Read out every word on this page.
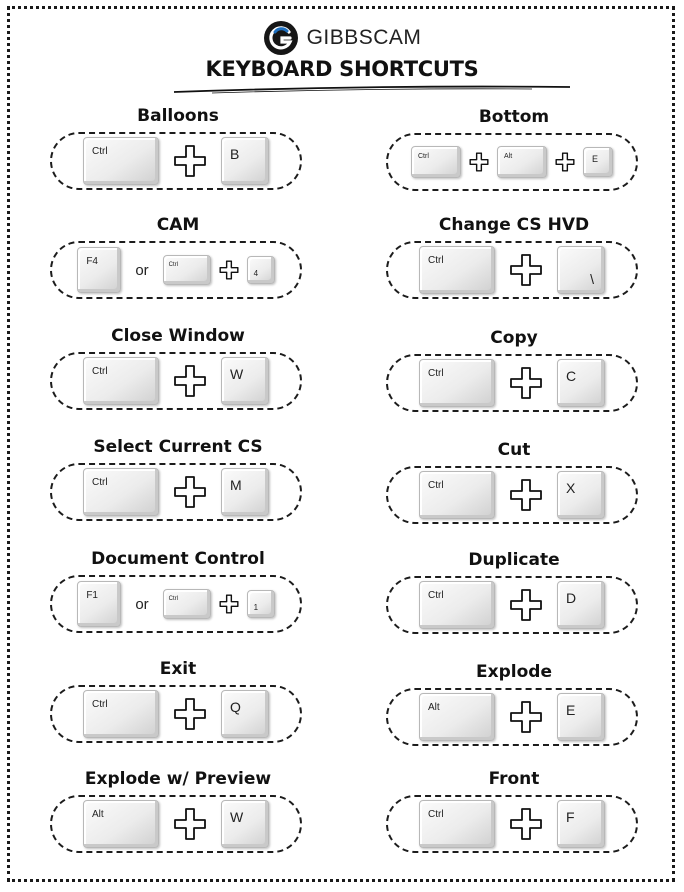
GIBBSCAM
KEYBOARD SHORTCUTS
Balloons
Ctrl	B
Bottom
Ctrl	Alt	E
CAM
F4 or	Ctrl
4
Change CS HVD
Ctrl
\
Close Window
Ctrl	W
Copy
Ctrl	C
Select Current CS
Ctrl	M
Cut
Ctrl	X
Document Control
F1 or	Ctrl
1
Duplicate
Ctrl	D
Exit
Ctrl	Q
Explode
Alt	E
Explode w/ Preview
Alt	W
Front
Ctrl	F
